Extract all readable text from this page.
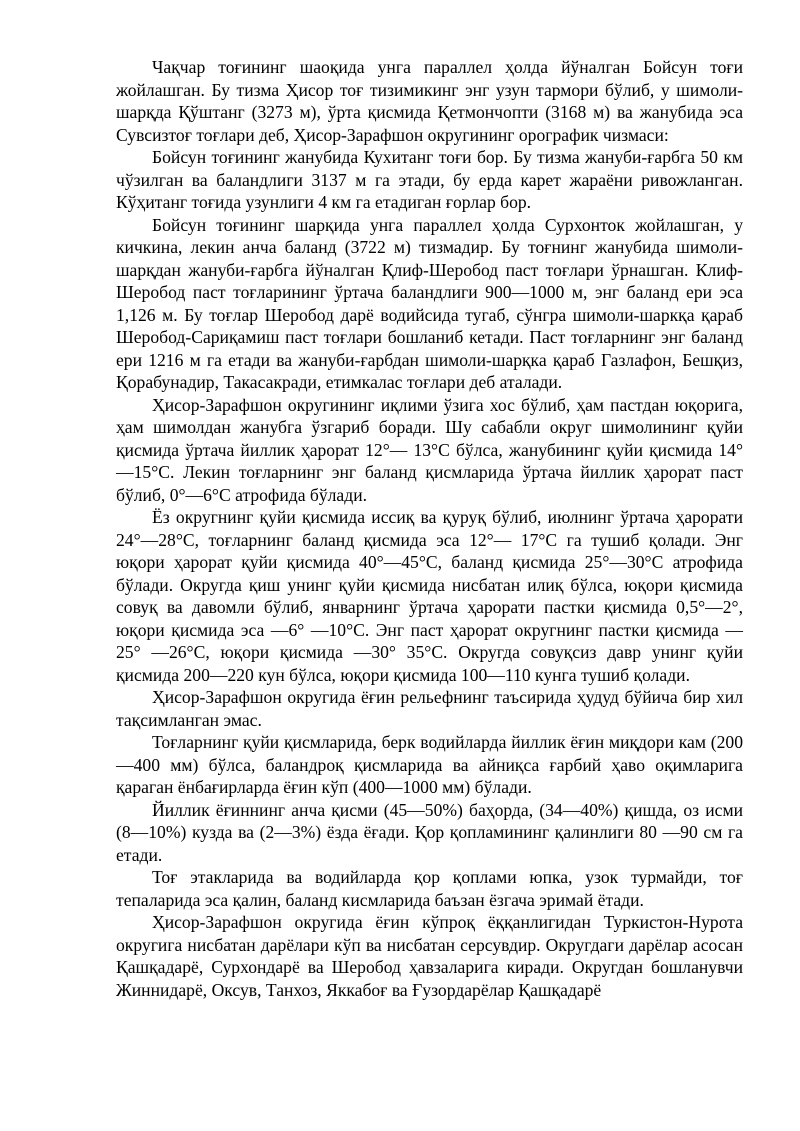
Чақчар тоғининг шаоқида унга параллел ҳолда йўналган Бойсун тоғи жойлашган. Бу тизма Ҳисор тоғ тизимикинг энг узун тармори бўлиб, у шимоли-шарқда Қўштанг (3273 м), ўрта қисмида Қетмончопти (3168 м) ва жанубида эса Сувсизтоғ тоғлари деб, Ҳисор-Зарафшон округининг орографик чизмаси:

Бойсун тоғининг жанубида Кухитанг тоғи бор. Бу тизма жануби-ғарбга 50 км чўзилган ва баландлиги 3137 м га этади, бу ерда карет жараёни ривожланган. Кўҳитанг тоғида узунлиги 4 км га етадиган ғорлар бор.

Бойсун тоғининг шарқида унга параллел ҳолда Сурхонток жойлашган, у кичкина, лекин анча баланд (3722 м) тизмадир. Бу тоғнинг жанубида шимоли-шарқдан жануби-ғарбга йўналган Қлиф-Шеробод паст тоғлари ўрнашган. Клиф-Шеробод паст тоғларининг ўртача баландлиги 900—1000 м, энг баланд ери эса 1,126 м. Бу тоғлар Шеробод дарё водийсида тугаб, сўнгра шимоли-шаркқа қараб Шеробод-Сариқамиш паст тоғлари бошланиб кетади. Паст тоғларнинг энг баланд ери 1216 м га етади ва жануби-ғарбдан шимоли-шарқка қараб Газлафон, Бешқиз, Қорабунадир, Такасакради, етимкалас тоғлари деб аталади.

Ҳисор-Зарафшон округининг иқлими ўзига хос бўлиб, ҳам пастдан юқорига, ҳам шимолдан жанубга ўзгариб боради. Шу сабабли округ шимолининг қуйи қисмида ўртача йиллик ҳарорат 12°— 13°С бўлса, жанубининг қуйи қисмида 14°—15°С. Лекин тоғларнинг энг баланд қисмларида ўртача йиллик ҳарорат паст бўлиб, 0°—6°С атрофида бўлади.

Ёз округнинг қуйи қисмида иссиқ ва қуруқ бўлиб, июлнинг ўртача ҳарорати 24°—28°С, тоғларнинг баланд қисмида эса 12°— 17°С га тушиб қолади. Энг юқори ҳарорат қуйи қисмида 40°—45°С, баланд қисмида 25°—30°С атрофида бўлади. Округда қиш унинг қуйи қисмида нисбатан илиқ бўлса, юқори қисмида совуқ ва давомли бўлиб, январнинг ўртача ҳарорати пастки қисмида 0,5°—2°, юқори қисмида эса —6° —10°С. Энг паст ҳарорат округнинг пастки қисмида —25° —26°С, юқори қисмида —30° 35°С. Округда совуқсиз давр унинг қуйи қисмида 200—220 кун бўлса, юқори қисмида 100—110 кунга тушиб қолади.

Ҳисор-Зарафшон округида ёғин рельефнинг таъсирида ҳудуд бўйича бир хил тақсимланган эмас.

Тоғларнинг қуйи қисмларида, берк водийларда йиллик ёғин миқдори кам (200—400 мм) бўлса, баландроқ қисмларида ва айниқса ғарбий ҳаво оқимларига қараган ёнбағирларда ёғин кўп (400—1000 мм) бўлади.

Йиллик ёғиннинг анча қисми (45—50%) баҳорда, (34—40%) қишда, оз исми (8—10%) кузда ва (2—3%) ёзда ёғади. Қор қопламининг қалинлиги 80 —90 см га етади.

Тоғ этакларида ва водийларда қор қоплами юпка, узок турмайди, тоғ тепаларида эса қалин, баланд кисмларида баъзан ёзгача эримай ётади.

Ҳисор-Зарафшон округида ёғин кўпроқ ёққанлигидан Туркистон-Нурота округига нисбатан дарёлари кўп ва нисбатан серсувдир. Округдаги дарёлар асосан Қашқадарё, Сурхондарё ва Шеробод ҳавзаларига киради. Округдан бошланувчи Жиннидарё, Оксув, Танхоз, Яккабоғ ва Ғузордарёлар Қашқадарё
